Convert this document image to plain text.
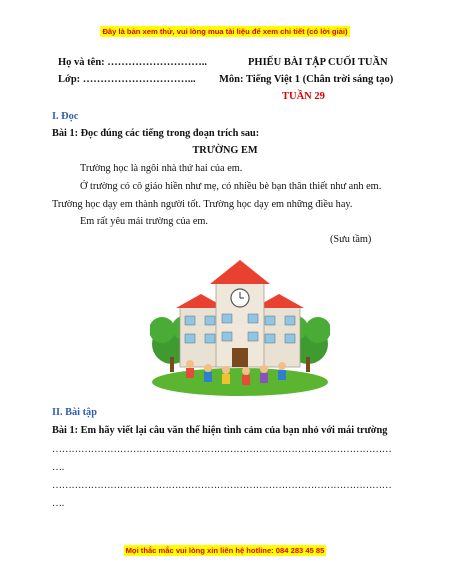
Đây là bản xem thử, vui lòng mua tài liệu để xem chi tiết (có lời giải)
Họ và tên: ………………………..	PHIẾU BÀI TẬP CUỐI TUẦN
Lớp: …………………………... Môn: Tiếng Việt 1 (Chân trời sáng tạo)
TUẦN 29
I. Đọc
Bài 1: Đọc đúng các tiếng trong đoạn trích sau:
TRƯỜNG EM
Trường học là ngôi nhà thứ hai của em.
Ở trường có cô giáo hiền như mẹ, có nhiều bè bạn thân thiết như anh em.
Trường học dạy em thành người tốt. Trường học dạy em những điều hay.
Em rất yêu mái trường của em.
(Sưu tầm)
II. Bài tập
Bài 1: Em hãy viết lại câu văn thể hiện tình cảm của bạn nhỏ với mái trường
……………………………………………………………………………………………
….
……………………………………………………………………………………………
….
Mọi thắc mắc vui lòng xin liên hệ hotline: 084 283 45 85
